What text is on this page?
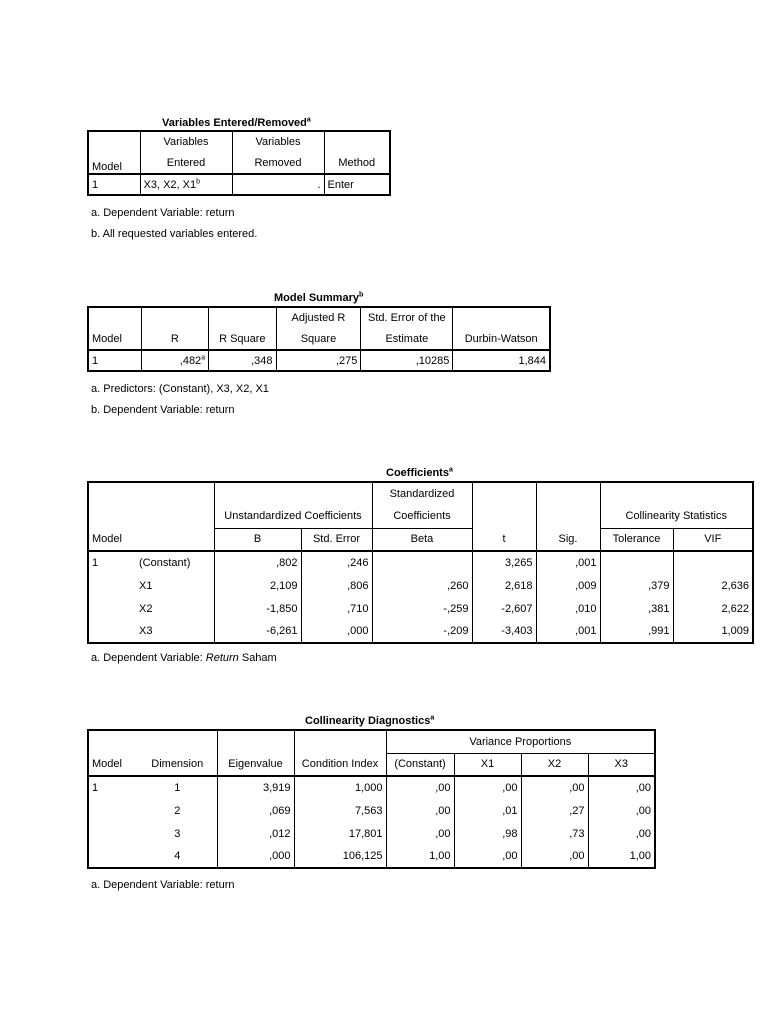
Variables Entered/Removed$^a$
	Variables	Variables	

Model	Entered	Removed	Method
1	X3, X2, X1$^b$	.	Enter
a. Dependent Variable: return
b. All requested variables entered.
Model Summary$^b$
			Adjusted R	Std. Error of the	
Model	R	R Square	Square	Estimate	Durbin-Watson
1	,482$^a$	,348	,275	,10285	1,844
a. Predictors: (Constant), X3, X2, X1
b. Dependent Variable: return
Coefficients$^a$
				Standardized				
		Unstandardized Coefficients		Coefficients			Collinearity Statistics	
Model		B	Std. Error	Beta	t	Sig.	Tolerance	VIF
1	(Constant)	,802	,246		3,265	,001		
	X1	2,109	,806	,260	2,618	,009	,379	2,636
	X2	-1,850	,710	-,259	-2,607	,010	,381	2,622
	X3	-6,261	,000	-,209	-3,403	,001	,991	1,009
a. Dependent Variable: Return Saham
Collinearity Diagnostics$^a$
				Variance Proportions			
Model	Dimension	Eigenvalue	Condition Index	(Constant)	X1	X2	X3
1	1	3,919	1,000	,00	,00	,00	,00
	2	,069	7,563	,00	,01	,27	,00
	3	,012	17,801	,00	,98	,73	,00
	4	,000	106,125	1,00	,00	,00	1,00
a. Dependent Variable: return
